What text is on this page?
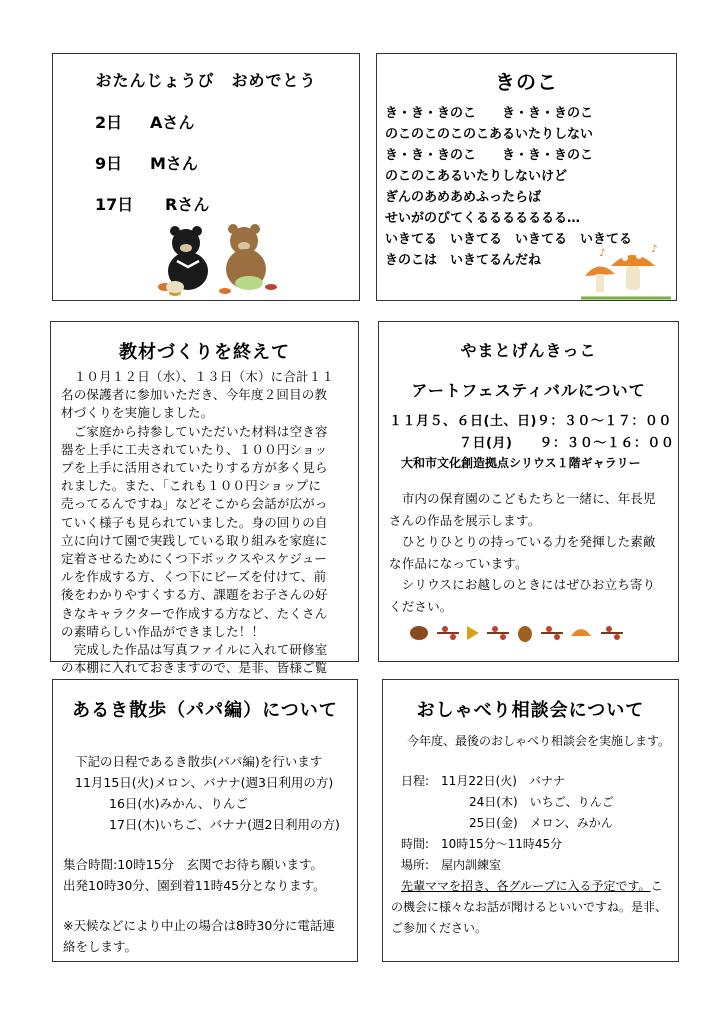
おたんじょうび　おめでとう
2日 Aさん
9日 Mさん
17日 Rさん
きのこ
き・き・きのこ　　き・き・きのこ
のこのこのこのこあるいたりしない
き・き・きのこ　　き・き・きのこ
のこのこあるいたりしないけど
ぎんのあめあめふったらば
せいがのびてくるるるるるるる…
いきてる　いきてる　いきてる　いきてる
きのこは　いきてるんだね	♪	♪
教材づくりを終えて
　１０月１２日（水）、１３日（木）に合計１１
名の保護者に参加いただき、今年度２回目の教
材づくりを実施しました。
　ご家庭から持参していただいた材料は空き容
器を上手に工夫されていたり、１００円ショッ
プを上手に活用されていたりする方が多く見ら
れました。また、「これも１００円ショップに
売ってるんですね」などそこから会話が広がっ
ていく様子も見られていました。身の回りの自
立に向けて園で実践している取り組みを家庭に
定着させるためにくつ下ボックスやスケジュー
ルを作成する方、くつ下にビーズを付けて、前
後をわかりやすくする方、課題をお子さんの好
きなキャラクターで作成する方など、たくさん
の素晴らしい作品ができました！！
　完成した作品は写真ファイルに入れて研修室
の本棚に入れておきますので、是非、皆様ご覧
やまとげんきっこ
アートフェスティバルについて
１１月５、６日(土、日)９：３０～１７：００
７日(月)　　９：３０～１６：００
大和市文化創造拠点シリウス１階ギャラリー
　市内の保育園のこどもたちと一緒に、年長児
さんの作品を展示します。
　ひとりひとりの持っている力を発揮した素敵
な作品になっています。
　シリウスにお越しのときにはぜひお立ち寄り
ください。
あるき散歩（パパ編）について
下記の日程であるき散歩(パパ編)を行います
11月15日(火)メロン、バナナ(週3日利用の方)
16日(水)みかん、りんご
17日(木)いちご、バナナ(週2日利用の方)
集合時間:10時15分　玄関でお待ち願います。
出発10時30分、園到着11時45分となります。
※天候などにより中止の場合は8時30分に電話連
絡をします。
おしゃべり相談会について
今年度、最後のおしゃべり相談会を実施します。
日程:　11月22日(火)　バナナ
24日(木)　いちご、りんご
25日(金)　メロン、みかん
時間:　10時15分～11時45分
場所:　屋内訓練室
先輩ママを招き、各グループに入る予定です。こ
の機会に様々なお話が聞けるといいですね。是非、
ご参加ください。
